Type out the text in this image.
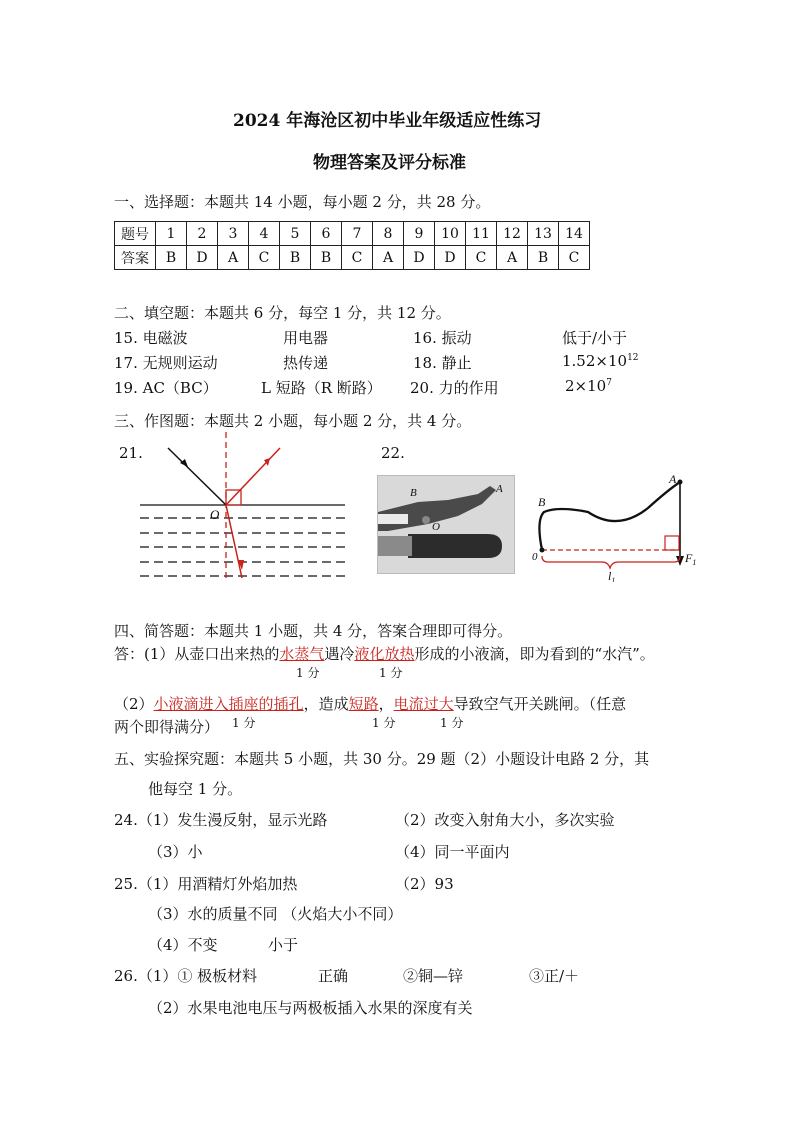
2024 年海沧区初中毕业年级适应性练习
物理答案及评分标准
一、选择题：本题共 14 小题，每小题 2 分，共 28 分。
题号	1	2	3	4	5	6	7	8	9	10	11	12	13	14
答案	B	D	A	C	B	B	C	A	D	D	C	A	B	C
二、填空题：本题共 6 分，每空 1 分，共 12 分。
15. 电磁波	用电器	16. 振动	低于/小于
17. 无规则运动	热传递	18. 静止	$1.52\times 10^{12}$
19. AC（BC）	L 短路（R 断路） 20. 力的作用	$2\times 10^7$
三、作图题：本题共 2 小题，每小题 2 分，共 4 分。
21.	22.
O
B	A
O
B
A
0	$F_1$
$l_1$
四、简答题：本题共 1 小题，共 4 分，答案合理即可得分。
答：(1）从壶口出来热的水蒸气遇冷液化放热形成的小液滴，即为看到的“水汽”。
1 分	1 分
（2）小液滴进入插座的插孔，造成短路，电流过大导致空气开关跳闸。（任意
两个即得满分） 1 分	1 分	1 分
五、实验探究题：本题共 5 小题，共 30 分。29 题（2）小题设计电路 2 分，其
他每空 1 分。
24.（1）发生漫反射，显示光路	（2）改变入射角大小，多次实验
（3）小	（4）同一平面内
25.（1）用酒精灯外焰加热	（2）93
（3）水的质量不同 （火焰大小不同）
（4）不变	小于
26.（1）① 极板材料	正确	②铜—锌	③正/＋
（2）水果电池电压与两极板插入水果的深度有关
